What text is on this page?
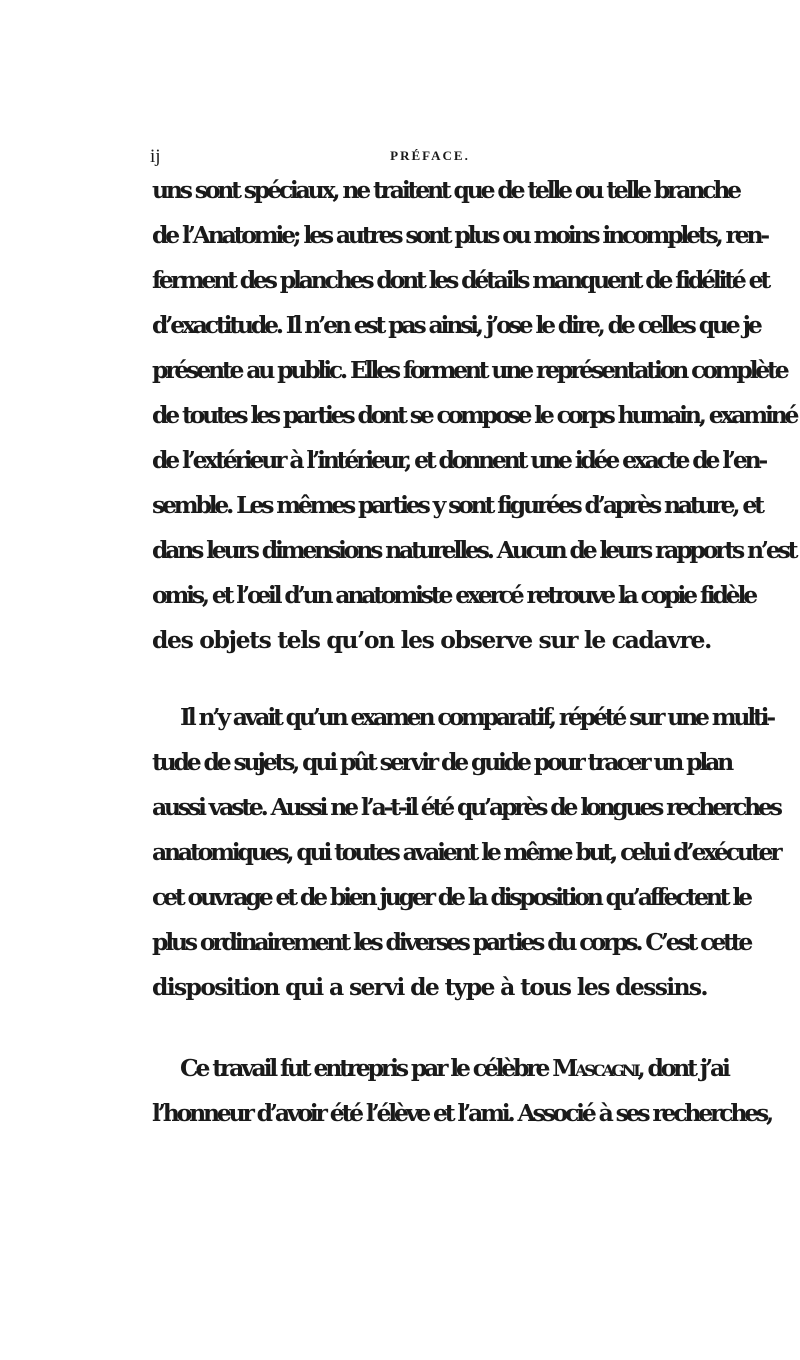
ij	PRÉFACE.
uns sont spéciaux, ne traitent que de telle ou telle branche
de l’Anatomie; les autres sont plus ou moins incomplets, ren-
ferment des planches dont les détails manquent de fidélité et
d’exactitude. Il n’en est pas ainsi, j’ose le dire, de celles que je
présente au public. Elles forment une représentation complète
de toutes les parties dont se compose le corps humain, examiné
de l’extérieur à l’intérieur, et donnent une idée exacte de l’en-
semble. Les mêmes parties y sont figurées d’après nature, et
dans leurs dimensions naturelles. Aucun de leurs rapports n’est
omis, et l’œil d’un anatomiste exercé retrouve la copie fidèle
des objets tels qu’on les observe sur le cadavre.
Il n’y avait qu’un examen comparatif, répété sur une multi-
tude de sujets, qui pût servir de guide pour tracer un plan
aussi vaste. Aussi ne l’a-t-il été qu’après de longues recherches
anatomiques, qui toutes avaient le même but, celui d’exécuter
cet ouvrage et de bien juger de la disposition qu’affectent le
plus ordinairement les diverses parties du corps. C’est cette
disposition qui a servi de type à tous les dessins.
Ce travail fut entrepris par le célèbre Mascagni, dont j’ai
l’honneur d’avoir été l’élève et l’ami. Associé à ses recherches,
